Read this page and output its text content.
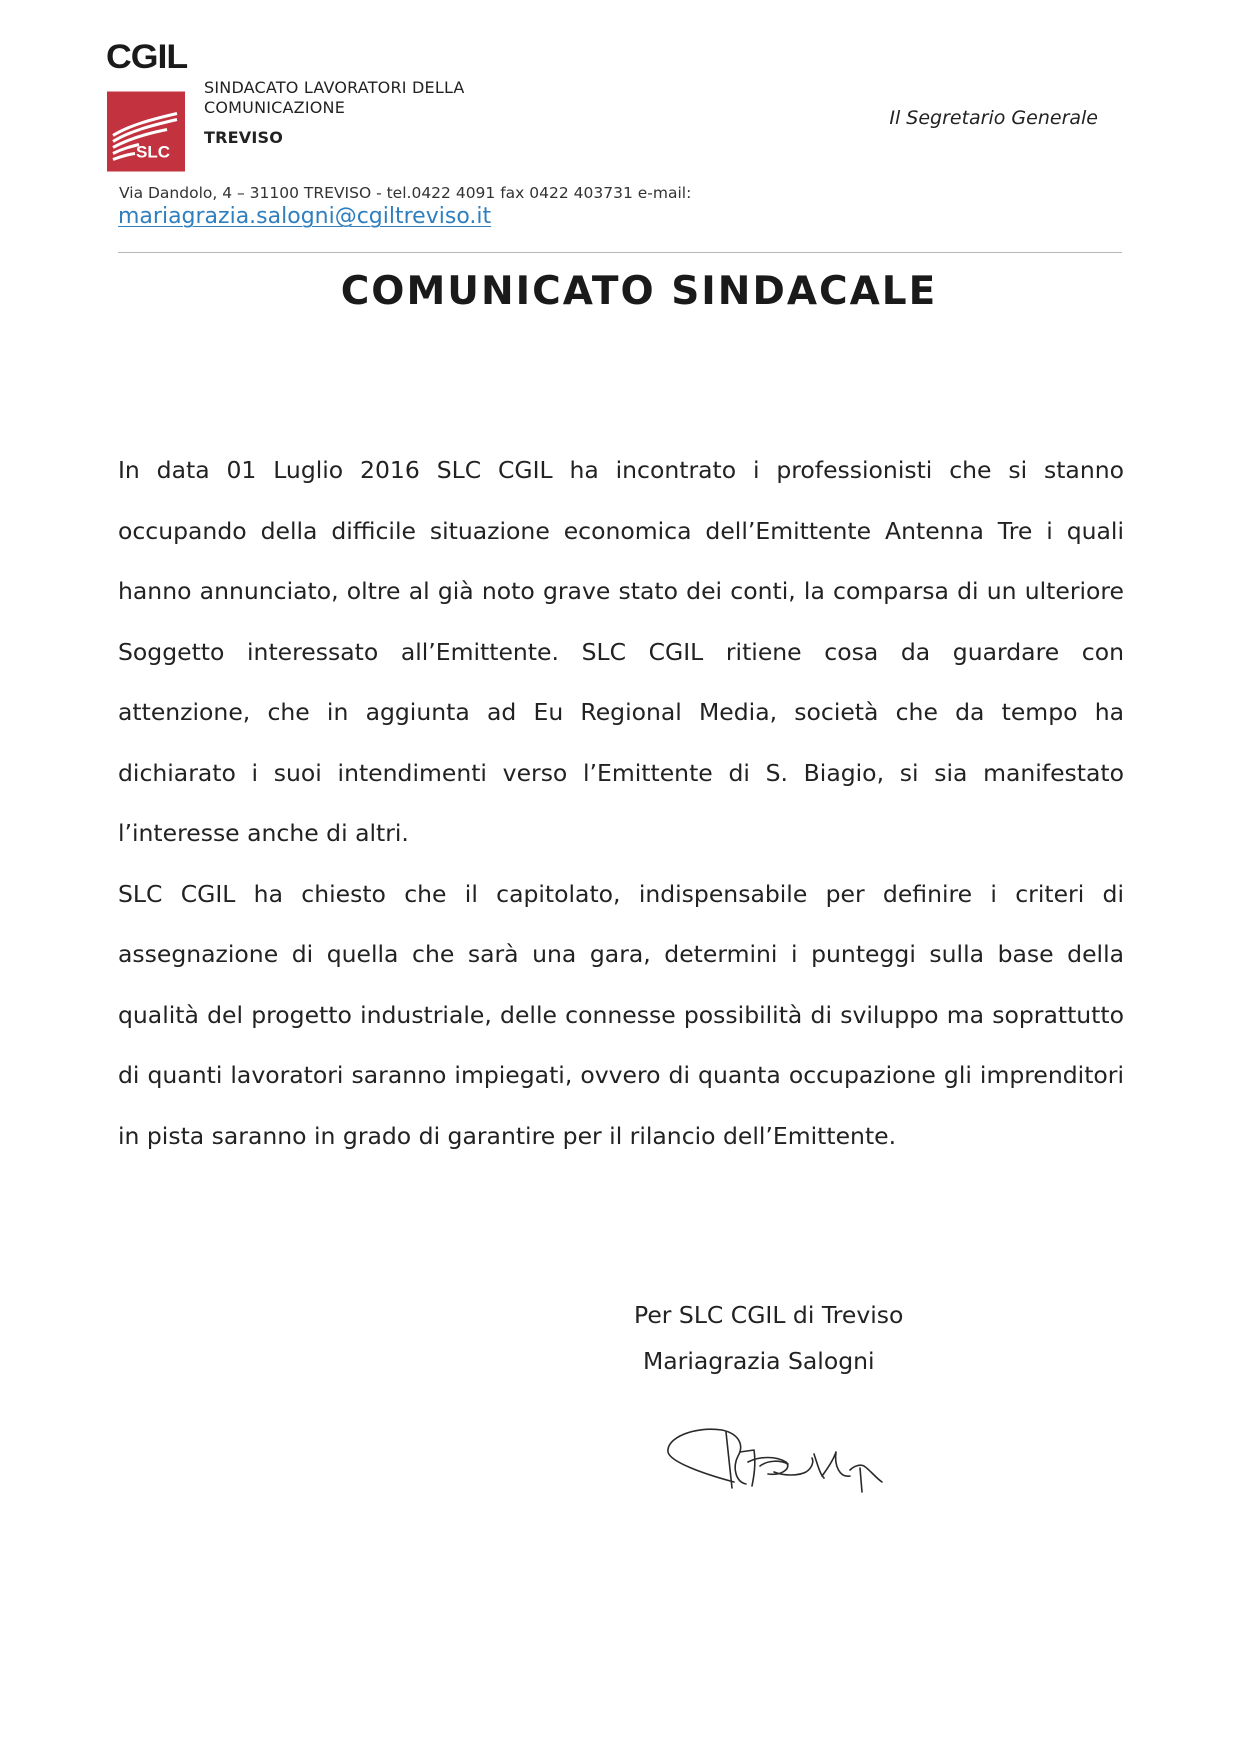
CGIL
SLC
SINDACATO LAVORATORI DELLA
COMUNICAZIONE
TREVISO
Il Segretario Generale
Via Dandolo, 4 – 31100 TREVISO - tel.0422 4091 fax 0422 403731 e-mail:
mariagrazia.salogni@cgiltreviso.it
COMUNICATO SINDACALE

In data 01 Luglio 2016 SLC CGIL ha incontrato i professionisti che si stanno occupando della difficile situazione economica dell’Emittente Antenna Tre i quali hanno annunciato, oltre al già noto grave stato dei conti, la comparsa di un ulteriore Soggetto interessato all’Emittente. SLC CGIL ritiene cosa da guardare con attenzione, che in aggiunta ad Eu Regional Media, società che da tempo ha dichiarato i suoi intendimenti verso l’Emittente di S. Biagio, si sia manifestato l’interesse anche di altri.

SLC CGIL ha chiesto che il capitolato, indispensabile per definire i criteri di assegnazione di quella che sarà una gara, determini i punteggi sulla base della qualità del progetto industriale, delle connesse possibilità di sviluppo ma soprattutto di quanti lavoratori saranno impiegati, ovvero di quanta occupazione gli imprenditori in pista saranno in grado di garantire per il rilancio dell’Emittente.

Per SLC CGIL di Treviso
Mariagrazia Salogni
